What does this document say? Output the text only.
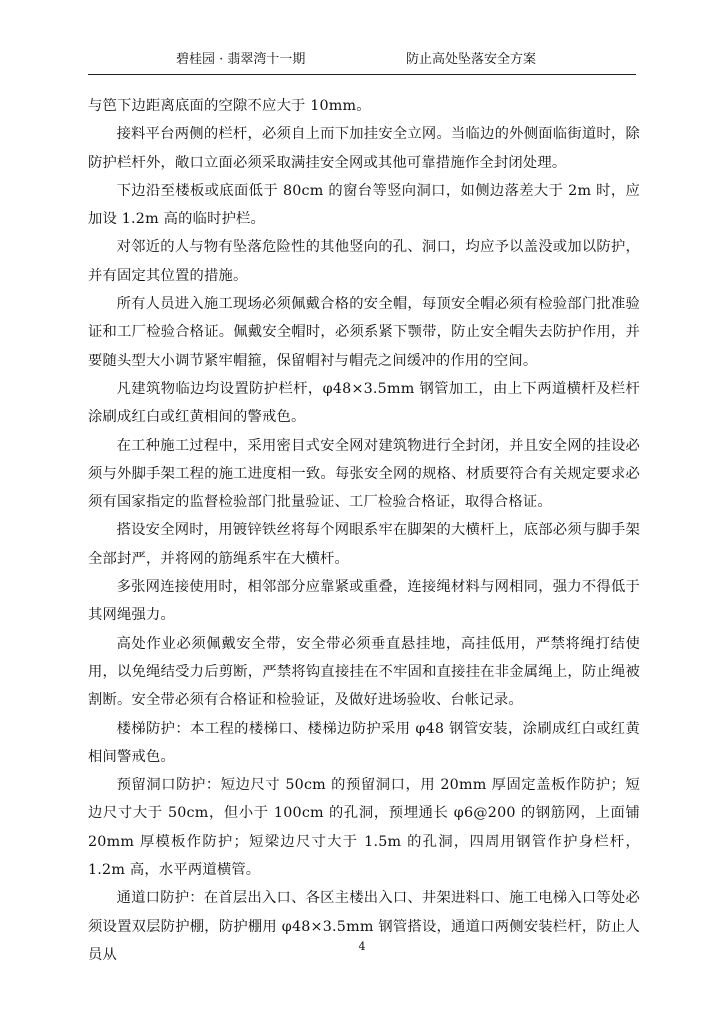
碧桂园 · 翡翠湾十一期	防止高处坠落安全方案

与笆下边距离底面的空隙不应大于 10mm。

接料平台两侧的栏杆，必须自上而下加挂安全立网。当临边的外侧面临街道时，除防护栏杆外，敞口立面必须采取满挂安全网或其他可靠措施作全封闭处理。

下边沿至楼板或底面低于 80cm 的窗台等竖向洞口，如侧边落差大于 2m 时，应加设 1.2m 高的临时护栏。

对邻近的人与物有坠落危险性的其他竖向的孔、洞口，均应予以盖没或加以防护，并有固定其位置的措施。

所有人员进入施工现场必须佩戴合格的安全帽，每顶安全帽必须有检验部门批准验证和工厂检验合格证。佩戴安全帽时，必须系紧下颚带，防止安全帽失去防护作用，并要随头型大小调节紧牢帽箍，保留帽衬与帽壳之间缓冲的作用的空间。

凡建筑物临边均设置防护栏杆，φ48×3.5mm 钢管加工，由上下两道横杆及栏杆涂刷成红白或红黄相间的警戒色。

在工种施工过程中，采用密目式安全网对建筑物进行全封闭，并且安全网的挂设必须与外脚手架工程的施工进度相一致。每张安全网的规格、材质要符合有关规定要求必须有国家指定的监督检验部门批量验证、工厂检验合格证，取得合格证。

搭设安全网时，用镀锌铁丝将每个网眼系牢在脚架的大横杆上，底部必须与脚手架全部封严，并将网的筋绳系牢在大横杆。

多张网连接使用时，相邻部分应靠紧或重叠，连接绳材料与网相同，强力不得低于其网绳强力。

高处作业必须佩戴安全带，安全带必须垂直悬挂地，高挂低用，严禁将绳打结使用，以免绳结受力后剪断，严禁将钩直接挂在不牢固和直接挂在非金属绳上，防止绳被割断。安全带必须有合格证和检验证，及做好进场验收、台帐记录。

楼梯防护：本工程的楼梯口、楼梯边防护采用 φ48 钢管安装，涂刷成红白或红黄相间警戒色。

预留洞口防护：短边尺寸 50cm 的预留洞口，用 20mm 厚固定盖板作防护；短边尺寸大于 50cm，但小于 100cm 的孔洞，预埋通长 φ6@200 的钢筋网，上面铺 20mm 厚模板作防护；短梁边尺寸大于 1.5m 的孔洞，四周用钢管作护身栏杆，1.2m 高，水平两道横管。

通道口防护：在首层出入口、各区主楼出入口、井架进料口、施工电梯入口等处必须设置双层防护棚，防护棚用 φ48×3.5mm 钢管搭设，通道口两侧安装栏杆，防止人员从

4
